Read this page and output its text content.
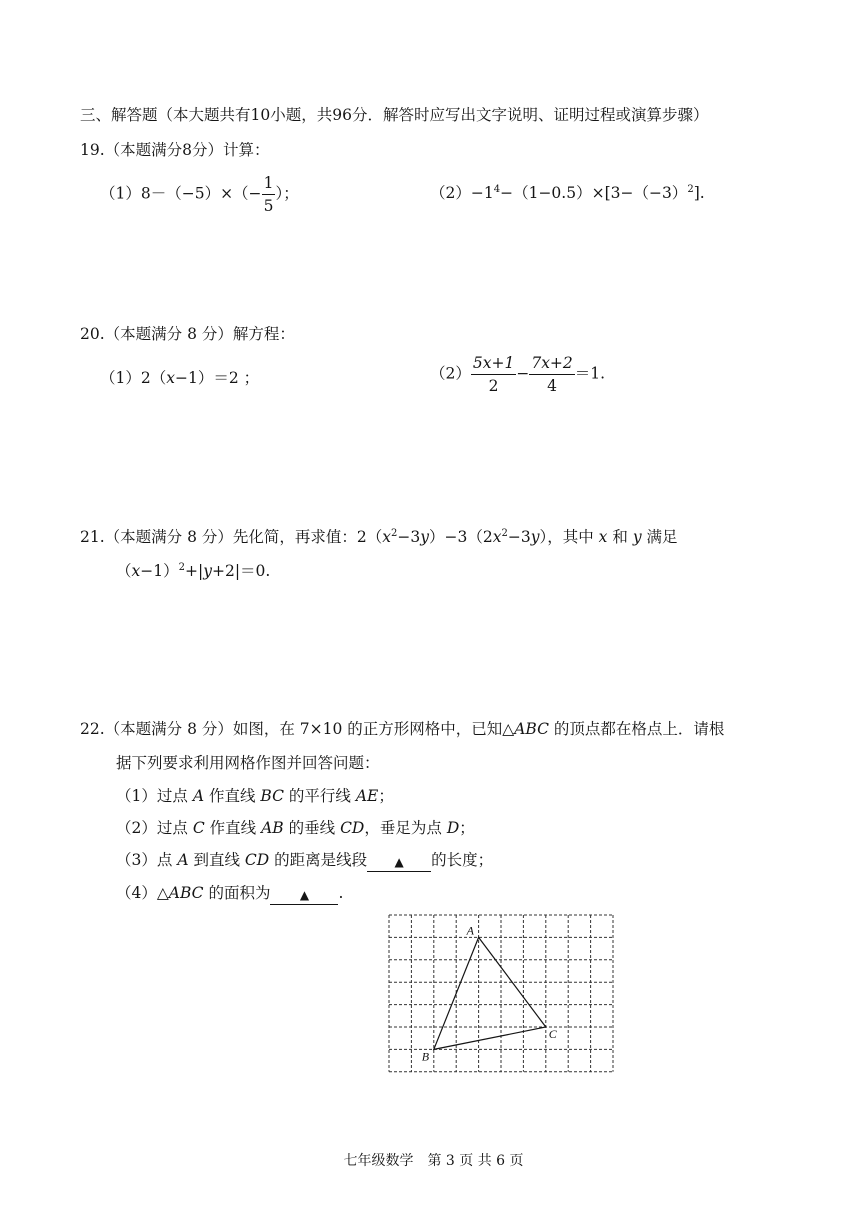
三、解答题（本大题共有10小题，共96分．解答时应写出文字说明、证明过程或演算步骤）
19.（本题满分8分）计算：
$(1)8-(-5)\times(- \frac{1}{5}$ ）；	$(2)-1^4-(1-0.5)\times[3-(-3)^2]$.
20.（本题满分 8 分）解方程：
（1）2（x−1）＝2 ；	$(2) \frac{5x+1}{2} - \frac{7x+2}{4} =1$.
21.（本题满分 8 分）先化简，再求值：$2(x^2-3y)-3(2x^2-3y)$，其中 x 和 y 满足
$(x-1)^2+|y+2|=0$.
22.（本题满分 8 分）如图，在 7×10 的正方形网格中，已知△ABC 的顶点都在格点上．请根
据下列要求利用网格作图并回答问题：
（1）过点 A 作直线 BC 的平行线 AE；
（2）过点 C 作直线 AB 的垂线 CD，垂足为点 D；
（3）点 A 到直线 CD 的距离是线段 ▲ 的长度；
（4）△ABC 的面积为 ▲ .
A
B
C
七年级数学　第 3 页 共 6 页
